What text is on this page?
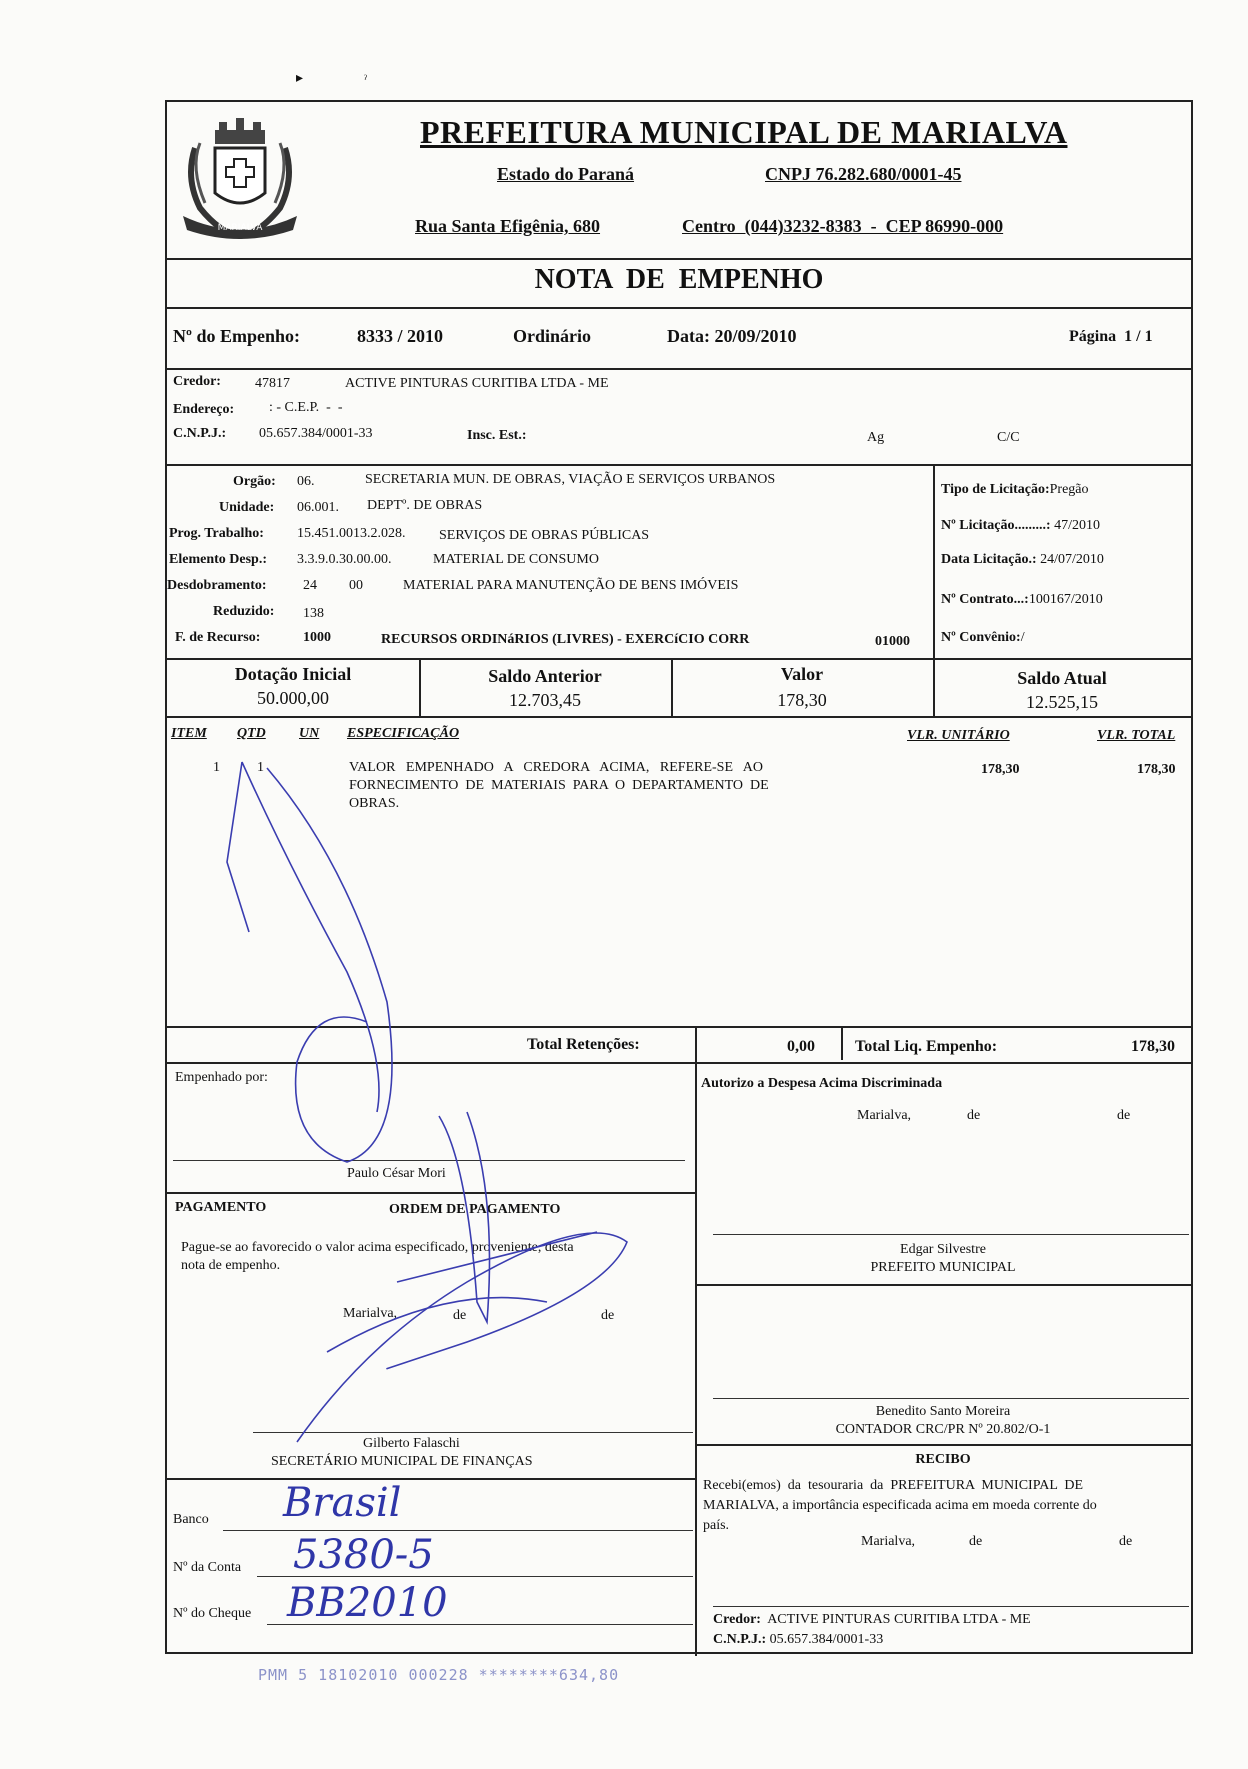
▸	ˀ
MARIALVA
PREFEITURA MUNICIPAL DE MARIALVA
Estado do Paraná	CNPJ 76.282.680/0001-45
Rua Santa Efigênia, 680	Centro  (044)3232-8383  -  CEP 86990-000
NOTA  DE  EMPENHO
Nº do Empenho:	8333 / 2010	Ordinário	Data: 20/09/2010	Página  1 / 1
Credor: 47817	ACTIVE PINTURAS CURITIBA LTDA - ME
Endereço: : - C.E.P.  -  -
C.N.P.J.: 05.657.384/0001-33	Insc. Est.:	Ag	C/C
Orgão: 06.	SECRETARIA MUN. DE OBRAS, VIAÇÃO E SERVIÇOS URBANOS
Unidade: 06.001. DEPTº. DE OBRAS
Prog. Trabalho: 15.451.0013.2.028. SERVIÇOS DE OBRAS PÚBLICAS
Elemento Desp.: 3.3.9.0.30.00.00.	MATERIAL DE CONSUMO
Desdobramento:	24 00	MATERIAL PARA MANUTENÇÃO DE BENS IMÓVEIS
Reduzido: 138
F. de Recurso:	1000	RECURSOS ORDINáRIOS (LIVRES) - EXERCíCIO CORR	01000
Tipo de Licitação:Pregão
Nº Licitação.........: 47/2010
Data Licitação.: 24/07/2010
Nº Contrato...:100167/2010
Nº Convênio:/
Dotação Inicial
50.000,00
Saldo Anterior
12.703,45
Valor
178,30
Saldo Atual
12.525,15
ITEM QTD UN ESPECIFICAÇÃO	VLR. UNITÁRIO	VLR. TOTAL
1	1	VALOR   EMPENHADO   A   CREDORA   ACIMA,   REFERE-SE   AO
FORNECIMENTO  DE  MATERIAIS  PARA  O  DEPARTAMENTO  DE
OBRAS.
178,30	178,30
Total Retenções:	0,00	Total Liq. Empenho:	178,30
Empenhado por:
Paulo César Mori
Autorizo a Despesa Acima Discriminada
Marialva,	de	de
Edgar Silvestre
PREFEITO MUNICIPAL
PAGAMENTO	ORDEM DE PAGAMENTO
Pague-se ao favorecido o valor acima especificado, proveniente, desta
nota de empenho.
Marialva,	de	de
Benedito Santo Moreira
CONTADOR CRC/PR Nº 20.802/O-1
Gilberto Falaschi
SECRETÁRIO MUNICIPAL DE FINANÇAS	RECIBO
Recebi(emos)  da  tesouraria  da  PREFEITURA  MUNICIPAL  DE
MARIALVA, a importância especificada acima em moeda corrente do
país.
Marialva,	de	de
Credor: ACTIVE PINTURAS CURITIBA LTDA - ME
C.N.P.J.: 05.657.384/0001-33
Banco Brasil
Nº da Conta 5380-5
Nº do Cheque BB2010
PMM 5 18102010 000228 ********634,80
